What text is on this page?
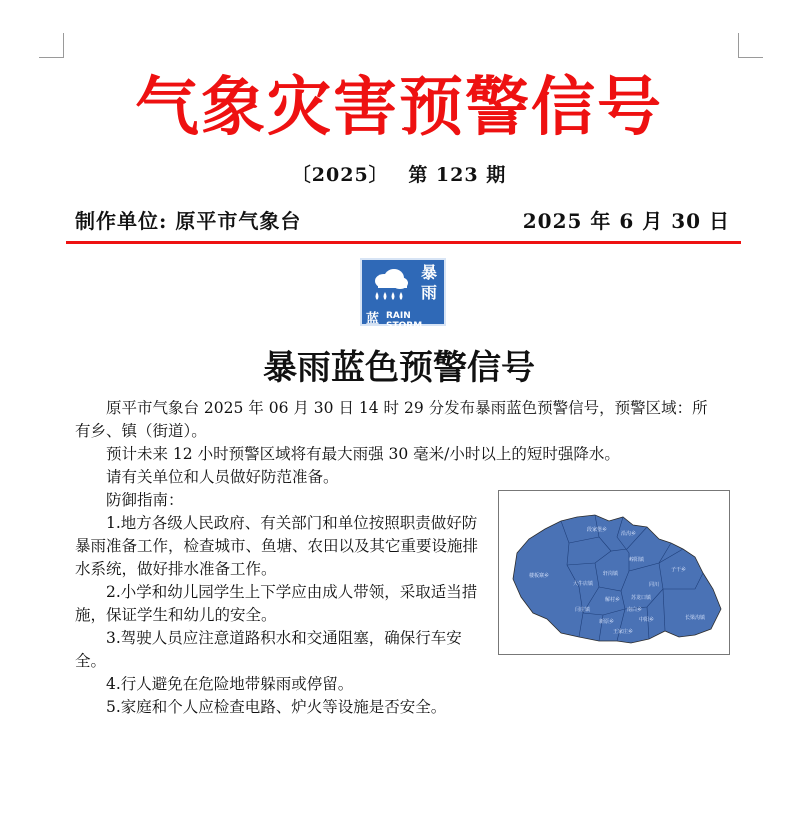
气象灾害预警信号
〔2025〕 第 123 期
制作单位: 原平市气象台	2025 年 6 月 30 日
暴
雨
蓝 RAIN STORM
暴雨蓝色预警信号

原平市气象台 2025 年 06 月 30 日 14 时 29 分发布暴雨蓝色预警信号，预警区域：所有乡、镇（街道）。

预计未来 12 小时预警区域将有最大雨强 30 毫米/小时以上的短时强降水。

请有关单位和人员做好防范准备。

防御指南：

1.地方各级人民政府、有关部门和单位按照职责做好防暴雨准备工作，检查城市、鱼塘、农田以及其它重要设施排水系统，做好排水准备工作。

2.小学和幼儿园学生上下学应由成人带领，采取适当措施，保证学生和幼儿的安全。

3.驾驶人员应注意道路积水和交通阻塞，确保行车安全。

4.行人避免在危险地带躲雨或停留。

5.家庭和个人应检查电路、炉火等设施是否安全。

段家堡乡
沿沟乡
楼板寨乡
子干乡
大牛店镇
轩岗镇
崞阳镇
同川
长梁沟镇
解村乡
闫庄镇
苏龙口镇
中阳乡
南白乡
王家庄乡
新原乡
